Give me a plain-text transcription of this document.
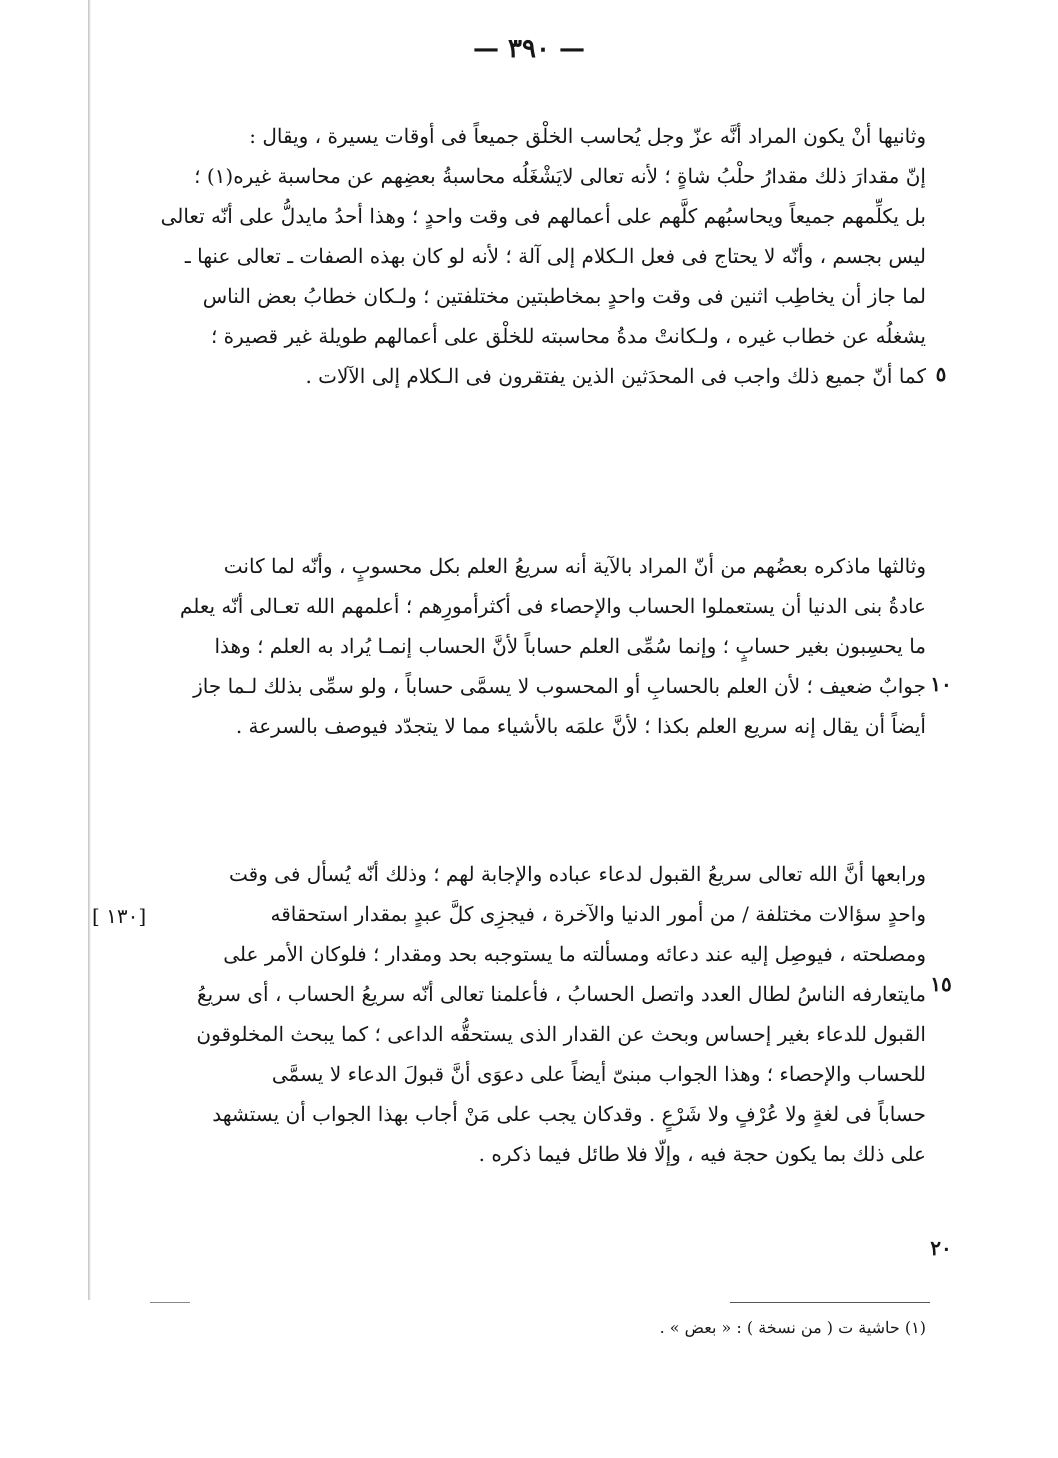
— ٣٩٠ —
وثانيها أنْ يكون المراد أنَّه عزّ وجل يُحاسب الخلْق جميعاً فى أوقات يسيرة ، ويقال :
إنّ مقدارَ ذلك مقدارُ حلْبُ شاةٍ ؛ لأنه تعالى لايَشْغَلُه محاسبةُ بعضِهم عن محاسبة غيره(١) ؛
بل يكلِّمهم جميعاً ويحاسبُهم كلَّهم على أعمالهم فى وقت واحدٍ ؛ وهذا أحدُ مايدلُّ على أنّه تعالى
ليس بجسم ، وأنّه لا يحتاج فى فعل الـكلام إلى آلة ؛ لأنه لو كان بهذه الصفات ـ تعالى عنها ـ
لما جاز أن يخاطِب اثنين فى وقت واحدٍ بمخاطبتين مختلفتين ؛ ولـكان خطابُ بعض الناس
يشغلُه عن خطاب غيره ، ولـكانتْ مدةُ محاسبته للخلْق على أعمالهم طويلة غير قصيرة ؛
كما أنّ جميع ذلك واجب فى المحدَثين الذين يفتقرون فى الـكلام إلى الآلات .
وثالثها ماذكره بعضُهم من أنّ المراد بالآية أنه سريعُ العلم بكل محسوبٍ ، وأنّه لما كانت
عادةُ بنى الدنيا أن يستعملوا الحساب والإحصاء فى أكثرأمورِهم ؛ أعلمهم الله تعـالى أنّه يعلم
ما يحسِبون بغير حسابٍ ؛ وإنما سُمِّى العلم حساباً لأنَّ الحساب إنمـا يُراد به العلم ؛ وهذا
جوابٌ ضعيف ؛ لأن العلم بالحسابِ أو المحسوب لا يسمَّى حساباً ، ولو سمِّى بذلك لـما جاز
أيضاً أن يقال إنه سريع العلم بكذا ؛ لأنَّ علمَه بالأشياء مما لا يتجدّد فيوصف بالسرعة .
ورابعها أنَّ الله تعالى سريعُ القبول لدعاء عباده والإجابة لهم ؛ وذلك أنّه يُسأل فى وقت
واحدٍ سؤالات مختلفة / من أمور الدنيا والآخرة ، فيجزِى كلَّ عبدٍ بمقدار استحقاقه
ومصلحته ، فيوصِل إليه عند دعائه ومسألته ما يستوجبه بحد ومقدار ؛ فلوكان الأمر على
مايتعارفه الناسُ لطال العدد واتصل الحسابُ ، فأعلمنا تعالى أنّه سريعُ الحساب ، أى سريعُ
القبول للدعاء بغير إحساس وبحث عن القدار الذى يستحقُّه الداعى ؛ كما يبحث المخلوقون
للحساب والإحصاء ؛ وهذا الجواب مبنىّ أيضاً على دعوَى أنَّ قبولَ الدعاء لا يسمَّى
حساباً فى لغةٍ ولا عُرْفٍ ولا شَرْعٍ . وقدكان يجب على مَنْ أجاب بهذا الجواب أن يستشهد
على ذلك بما يكون حجة فيه ، وإلّا فلا طائل فيما ذكره .
٥
١٠
١٥
٢٠
[١٣٠ ]
(١) حاشية ت ( من نسخة ) : « بعض » .
